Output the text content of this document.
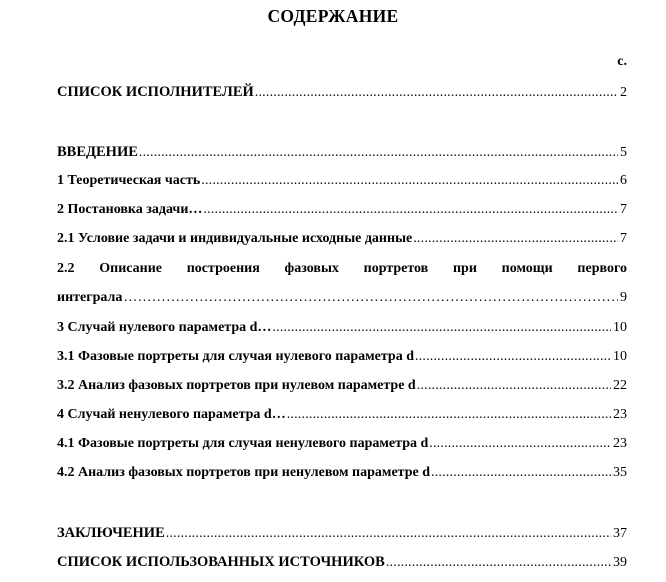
СОДЕРЖАНИЕ
с.
СПИСОК ИСПОЛНИТЕЛЕЙ .....	2
ВВЕДЕНИЕ .....	5
1 Теоретическая часть .....	6
2 Постановка задачи… .....	7
2.1 Условие задачи и индивидуальные исходные данные .....	7
2.2 Описание построения фазовых портретов при помощи первого
интеграла …………………………………………………………………………………………………………………………………………………………………	9
3 Случай нулевого параметра d… .....	10
3.1 Фазовые портреты для случая нулевого параметра d .....	10
3.2 Анализ фазовых портретов при нулевом параметре d .....	22
4 Случай ненулевого параметра d… .....	23
4.1 Фазовые портреты для случая ненулевого параметра d .....	23
4.2 Анализ фазовых портретов при ненулевом параметре d .....	35
ЗАКЛЮЧЕНИЕ .....	37
СПИСОК ИСПОЛЬЗОВАННЫХ ИСТОЧНИКОВ .....	39
